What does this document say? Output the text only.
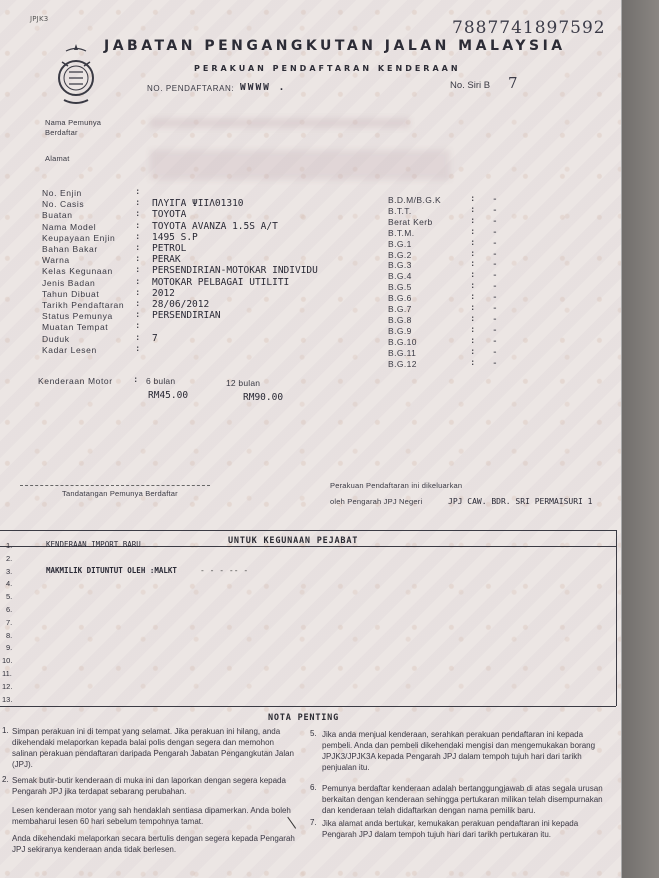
JPJK3	7887741897592
JABATAN PENGANGKUTAN JALAN MALAYSIA
PERAKUAN PENDAFTARAN KENDERAAN
NO. PENDAFTARAN: WWWW .	No. Siri B 7
Nama Pemunya Berdaftar
Alamat
No. Enjin	:
No. Casis	: ΠΛΥΙΓΑ ΨΙΙΛ01310
Buatan	: TOYOTA
Nama Model	: TOYOTA AVANZA 1.5S A/T
Keupayaan Enjin : 1495 S.P
Bahan Bakar	: PETROL
Warna	: PERAK
Kelas Kegunaan : PERSENDIRIAN-MOTOKAR INDIVIDU
Jenis Badan	: MOTOKAR PELBAGAI UTILITI
Tahun Dibuat	: 2012
Tarikh Pendaftaran : 28/06/2012
Status Pemunya : PERSENDIRIAN
Muatan Tempat	:
Duduk	: 7
Kadar Lesen	:
Kenderaan Motor : 6 bulan	12 bulan
RM45.00	RM90.00
B.D.M/B.G.K	: -
B.T.T.	: -
Berat Kerb	: -
B.T.M.	: -
B.G.1	: -
B.G.2	: -
B.G.3	: -
B.G.4	: -
B.G.5	: -
B.G.6	: -
B.G.7	: -
B.G.8	: -
B.G.9	: -
B.G.10	: -
B.G.11	: -
B.G.12	: -
Tandatangan Pemunya Berdaftar
Perakuan Pendaftaran ini dikeluarkan
oleh Pengarah JPJ Negeri	JPJ CAW. BDR. SRI PERMAISURI 1
UNTUK KEGUNAAN PEJABAT
KENDERAAN IMPORT BARU
MAKMILIK DITUNTUT OLEH :MALKT	- - - -- -
1.
2.
3.
4.
5.
6.
7.
8.
9.
10.
11.
12.
13.
NOTA PENTING
1. Simpan perakuan ini di tempat yang selamat. Jika perakuan ini hilang, anda dikehendaki melaporkan kepada balai polis dengan segera dan memohon salinan perakuan pendaftaran daripada Pengarah Jabatan Pengangkutan Jalan (JPJ).
2. Semak butir-butir kenderaan di muka ini dan laporkan dengan segera kepada Pengarah JPJ jika terdapat sebarang perubahan.
Lesen kenderaan motor yang sah hendaklah sentiasa dipamerkan. Anda boleh membaharui lesen 60 hari sebelum tempohnya tamat.
Anda dikehendaki melaporkan secara bertulis dengan segera kepada Pengarah JPJ sekiranya kenderaan anda tidak berlesen.
5. Jika anda menjual kenderaan, serahkan perakuan pendaftaran ini kepada pembeli. Anda dan pembeli dikehendaki mengisi dan mengemukakan borang JPJK3/JPJK3A kepada Pengarah JPJ dalam tempoh tujuh hari dari tarikh penjualan itu.
6. Pemunya berdaftar kenderaan adalah bertanggungjawab di atas segala urusan berkaitan dengan kenderaan sehingga pertukaran milikan telah disempurnakan dan kenderaan telah didaftarkan dengan nama pemilik baru.
7. Jika alamat anda bertukar, kemukakan perakuan pendaftaran ini kepada Pengarah JPJ dalam tempoh tujuh hari dari tarikh pertukaran itu.
